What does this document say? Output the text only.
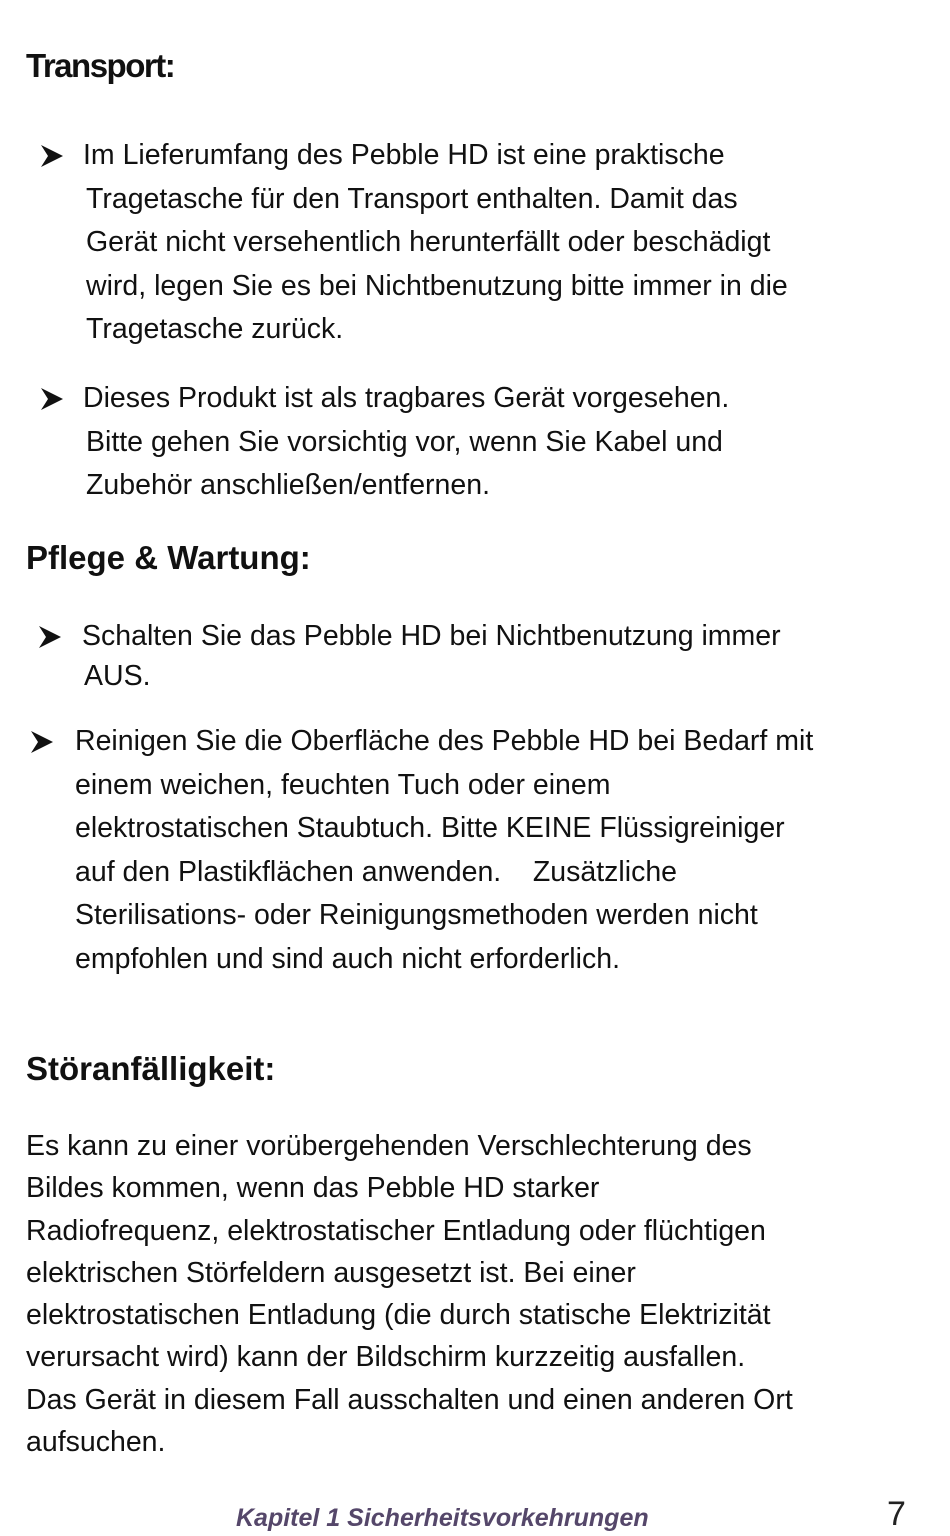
Transport:
Im Lieferumfang des Pebble HD ist eine praktische
Tragetasche für den Transport enthalten. Damit das
Gerät nicht versehentlich herunterfällt oder beschädigt
wird, legen Sie es bei Nichtbenutzung bitte immer in die
Tragetasche zurück.
Dieses Produkt ist als tragbares Gerät vorgesehen.
Bitte gehen Sie vorsichtig vor, wenn Sie Kabel und
Zubehör anschließen/entfernen.
Pflege & Wartung:
Schalten Sie das Pebble HD bei Nichtbenutzung immer
AUS.
Reinigen Sie die Oberfläche des Pebble HD bei Bedarf mit
einem weichen, feuchten Tuch oder einem
elektrostatischen Staubtuch. Bitte KEINE Flüssigreiniger
auf den Plastikflächen anwenden.    Zusätzliche
Sterilisations- oder Reinigungsmethoden werden nicht
empfohlen und sind auch nicht erforderlich.
Störanfälligkeit:

Es kann zu einer vorübergehenden Verschlechterung des
Bildes kommen, wenn das Pebble HD starker
Radiofrequenz, elektrostatischer Entladung oder flüchtigen
elektrischen Störfeldern ausgesetzt ist. Bei einer
elektrostatischen Entladung (die durch statische Elektrizität
verursacht wird) kann der Bildschirm kurzzeitig ausfallen.
Das Gerät in diesem Fall ausschalten und einen anderen Ort
aufsuchen.

Kapitel 1 Sicherheitsvorkehrungen	7
